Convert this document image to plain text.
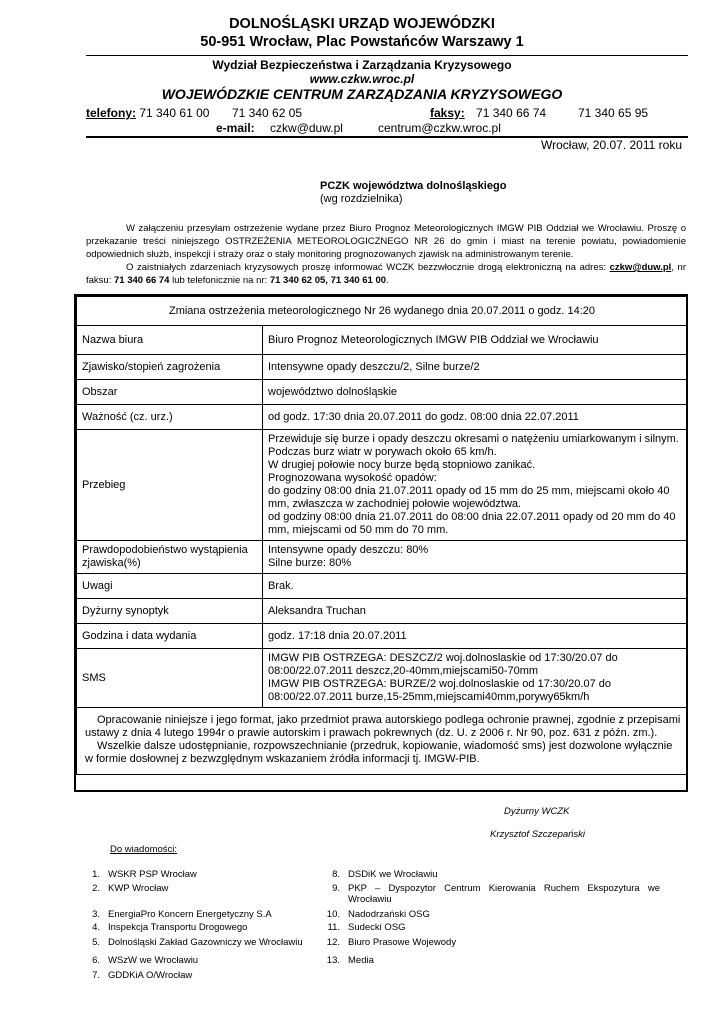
DOLNOŚLĄSKI URZĄD WOJEWÓDZKI
50-951 Wrocław, Plac Powstańców Warszawy 1
Wydział Bezpieczeństwa i Zarządzania Kryzysowego
www.czkw.wroc.pl
WOJEWÓDZKIE CENTRUM ZARZĄDZANIA KRYZYSOWEGO
telefony: 71 340 61 00 71 340 62 05	faksy: 71 340 66 74	71 340 65 95
e-mail: czkw@duw.pl	centrum@czkw.wroc.pl
Wrocław, 20.07. 2011 roku
PCZK województwa dolnośląskiego
(wg rozdzielnika)

W załączeniu przesyłam ostrzeżenie wydane przez Biuro Prognoz Meteorologicznych IMGW PIB Oddział we Wrocławiu. Proszę o przekazanie treści niniejszego OSTRZEŻENIA METEOROLOGICZNEGO NR 26 do gmin i miast na terenie powiatu, powiadomienie odpowiednich służb, inspekcji i straży oraz o stały monitoring prognozowanych zjawisk na administrowanym terenie.

O zaistniałych zdarzeniach kryzysowych proszę informować WCZK bezzwłocznie drogą elektroniczną na adres: czkw@duw.pl, nr faksu: 71 340 66 74 lub telefonicznie na nr: 71 340 62 05, 71 340 61 00.

Zmiana ostrzeżenia meteorologicznego Nr 26 wydanego dnia 20.07.2011 o godz. 14:20	
Nazwa biura	Biuro Prognoz Meteorologicznych IMGW PIB Oddział we Wrocławiu
Zjawisko/stopień zagrożenia	Intensywne opady deszczu/2, Silne burze/2
Obszar	województwo dolnośląskie
Ważność (cz. urz.)	od godz. 17:30 dnia 20.07.2011 do godz. 08:00 dnia 22.07.2011
Przebieg	Przewiduje się burze i opady deszczu okresami o natężeniu umiarkowanym i silnym. Podczas burz wiatr w porywach około 65 km/h.
W drugiej połowie nocy burze będą stopniowo zanikać.
Prognozowana wysokość opadów:
do godziny 08:00 dnia 21.07.2011 opady od 15 mm do 25 mm, miejscami około 40 mm, zwłaszcza w zachodniej połowie województwa.
od godziny 08:00 dnia 21.07.2011 do 08:00 dnia 22.07.2011 opady od 20 mm do 40 mm, miejscami od 50 mm do 70 mm.

Prawdopodobieństwo wystąpienia zjawiska(%)	Intensywne opady deszczu: 80%
Silne burze: 80%

Uwagi	Brak.
Dyżurny synoptyk	Aleksandra Truchan
Godzina i data wydania	godz. 17:18 dnia 20.07.2011
SMS	IMGW PIB OSTRZEGA: DESZCZ/2 woj.dolnoslaskie od 17:30/20.07 do 08:00/22.07.2011 deszcz,20-40mm,miejscami50-70mm
IMGW PIB OSTRZEGA: BURZE/2 woj.dolnoslaskie od 17:30/20.07 do 08:00/22.07.2011 burze,15-25mm,miejscami40mm,porywy65km/h

Opracowanie niniejsze i jego format, jako przedmiot prawa autorskiego podlega ochronie prawnej, zgodnie z przepisami ustawy z dnia 4 lutego 1994r o prawie autorskim i prawach pokrewnych (dz. U. z 2006 r. Nr 90, poz. 631 z późn. zm.).
Wszelkie dalsze udostępnianie, rozpowszechnianie (przedruk, kopiowanie, wiadomość sms) jest dozwolone wyłącznie w formie dosłownej z bezwzględnym wskazaniem źródła informacji tj. IMGW-PIB.	
Dyżurny WCZK
Krzysztof Szczepański
Do wiadomości:
1. WSKR PSP Wrocław
2. KWP Wrocław
3. EnergiaPro Koncern Energetyczny S.A
4. Inspekcja Transportu Drogowego
5. Dolnośląski Zakład Gazowniczy we Wrocławiu
6. WSzW we Wrocławiu
7. GDDKiA O/Wrocław
8. DSDiK we Wrocławiu
9. PKP – Dyspozytor Centrum Kierowania Ruchem Ekspozytura we Wrocławiu
10. Nadodrzański OSG
11. Sudecki OSG
12. Biuro Prasowe Wojewody
13. Media
